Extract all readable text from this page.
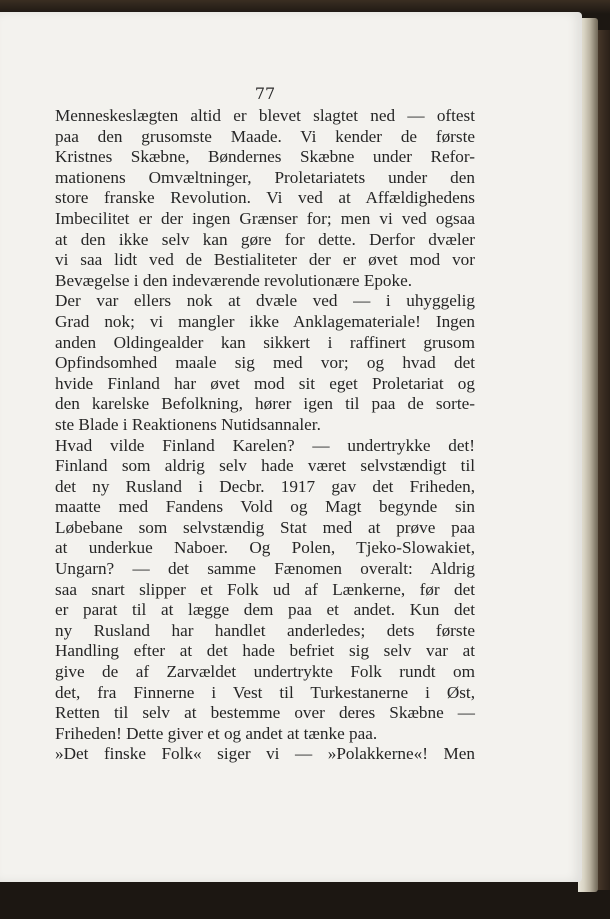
77
Menneskeslægten altid er blevet slagtet ned — oftest
paa den grusomste Maade. Vi kender de første
Kristnes Skæbne, Bøndernes Skæbne under Refor-
mationens Omvæltninger, Proletariatets under den
store franske Revolution. Vi ved at Affældighedens
Imbecilitet er der ingen Grænser for; men vi ved ogsaa
at den ikke selv kan gøre for dette. Derfor dvæler
vi saa lidt ved de Bestialiteter der er øvet mod vor
Bevægelse i den indeværende revolutionære Epoke.
Der var ellers nok at dvæle ved — i uhyggelig
Grad nok; vi mangler ikke Anklagemateriale! Ingen
anden Oldingealder kan sikkert i raffinert grusom
Opfindsomhed maale sig med vor; og hvad det
hvide Finland har øvet mod sit eget Proletariat og
den karelske Befolkning, hører igen til paa de sorte-
ste Blade i Reaktionens Nutidsannaler.
Hvad vilde Finland Karelen? — undertrykke det!
Finland som aldrig selv hade været selvstændigt til
det ny Rusland i Decbr. 1917 gav det Friheden,
maatte med Fandens Vold og Magt begynde sin
Løbebane som selvstændig Stat med at prøve paa
at underkue Naboer. Og Polen, Tjeko-Slowakiet,
Ungarn? — det samme Fænomen overalt: Aldrig
saa snart slipper et Folk ud af Lænkerne, før det
er parat til at lægge dem paa et andet. Kun det
ny Rusland har handlet anderledes; dets første
Handling efter at det hade befriet sig selv var at
give de af Zarvældet undertrykte Folk rundt om
det, fra Finnerne i Vest til Turkestanerne i Øst,
Retten til selv at bestemme over deres Skæbne —
Friheden! Dette giver et og andet at tænke paa.
»Det finske Folk« siger vi — »Polakkerne«! Men
